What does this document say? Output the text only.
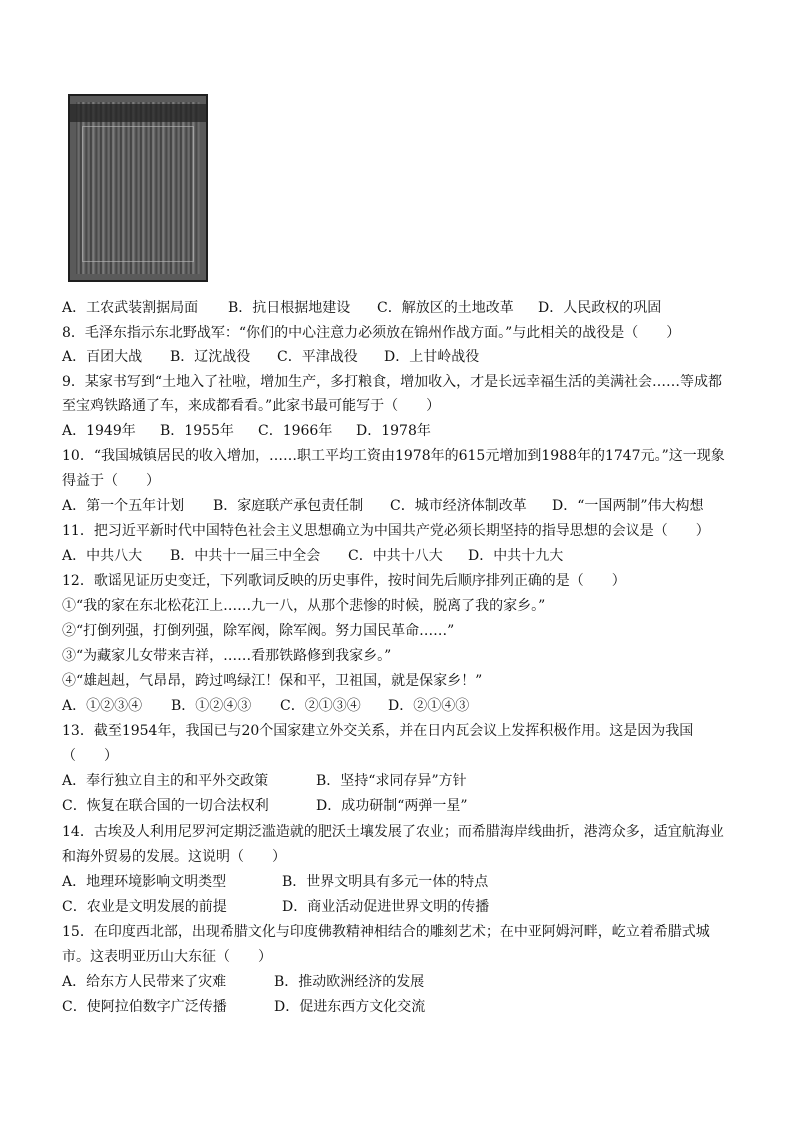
A．工农武装割据局面 B．抗日根据地建设 C．解放区的土地改革 D．人民政权的巩固
8．毛泽东指示东北野战军：“你们的中心注意力必须放在锦州作战方面。”与此相关的战役是（　　）
A．百团大战 B．辽沈战役 C．平津战役 D．上甘岭战役
9．某家书写到“土地入了社啦，增加生产，多打粮食，增加收入，才是长远幸福生活的美满社会……等成都
至宝鸡铁路通了车，来成都看看。”此家书最可能写于（　　）
A．1949年 B．1955年 C．1966年 D．1978年
10．“我国城镇居民的收入增加，……职工平均工资由1978年的615元增加到1988年的1747元。”这一现象
得益于（　　）
A．第一个五年计划 B．家庭联产承包责任制 C．城市经济体制改革 D．“一国两制”伟大构想
11．把习近平新时代中国特色社会主义思想确立为中国共产党必须长期坚持的指导思想的会议是（　　）
A．中共八大 B．中共十一届三中全会 C．中共十八大 D．中共十九大
12．歌谣见证历史变迁，下列歌词反映的历史事件，按时间先后顺序排列正确的是（　　）
①“我的家在东北松花江上……九一八，从那个悲惨的时候，脱离了我的家乡。”
②“打倒列强，打倒列强，除军阀，除军阀。努力国民革命……”
③“为藏家儿女带来吉祥，……看那铁路修到我家乡。”
④“雄赳赳，气昂昂，跨过鸣绿江！保和平，卫祖国，就是保家乡！”
A．①②③④ B．①②④③ C．②①③④ D．②①④③
13．截至1954年，我国已与20个国家建立外交关系，并在日内瓦会议上发挥积极作用。这是因为我国
（　　）
A．奉行独立自主的和平外交政策	B．坚持“求同存异”方针
C．恢复在联合国的一切合法权利	D．成功研制“两弹一星”
14．古埃及人利用尼罗河定期泛滥造就的肥沃土壤发展了农业；而希腊海岸线曲折，港湾众多，适宜航海业
和海外贸易的发展。这说明（　　）
A．地理环境影响文明类型	B．世界文明具有多元一体的特点
C．农业是文明发展的前提	D．商业活动促进世界文明的传播
15．在印度西北部，出现希腊文化与印度佛教精神相结合的雕刻艺术；在中亚阿姆河畔，屹立着希腊式城
市。这表明亚历山大东征（　　）
A．给东方人民带来了灾难	B．推动欧洲经济的发展
C．使阿拉伯数字广泛传播	D．促进东西方文化交流
